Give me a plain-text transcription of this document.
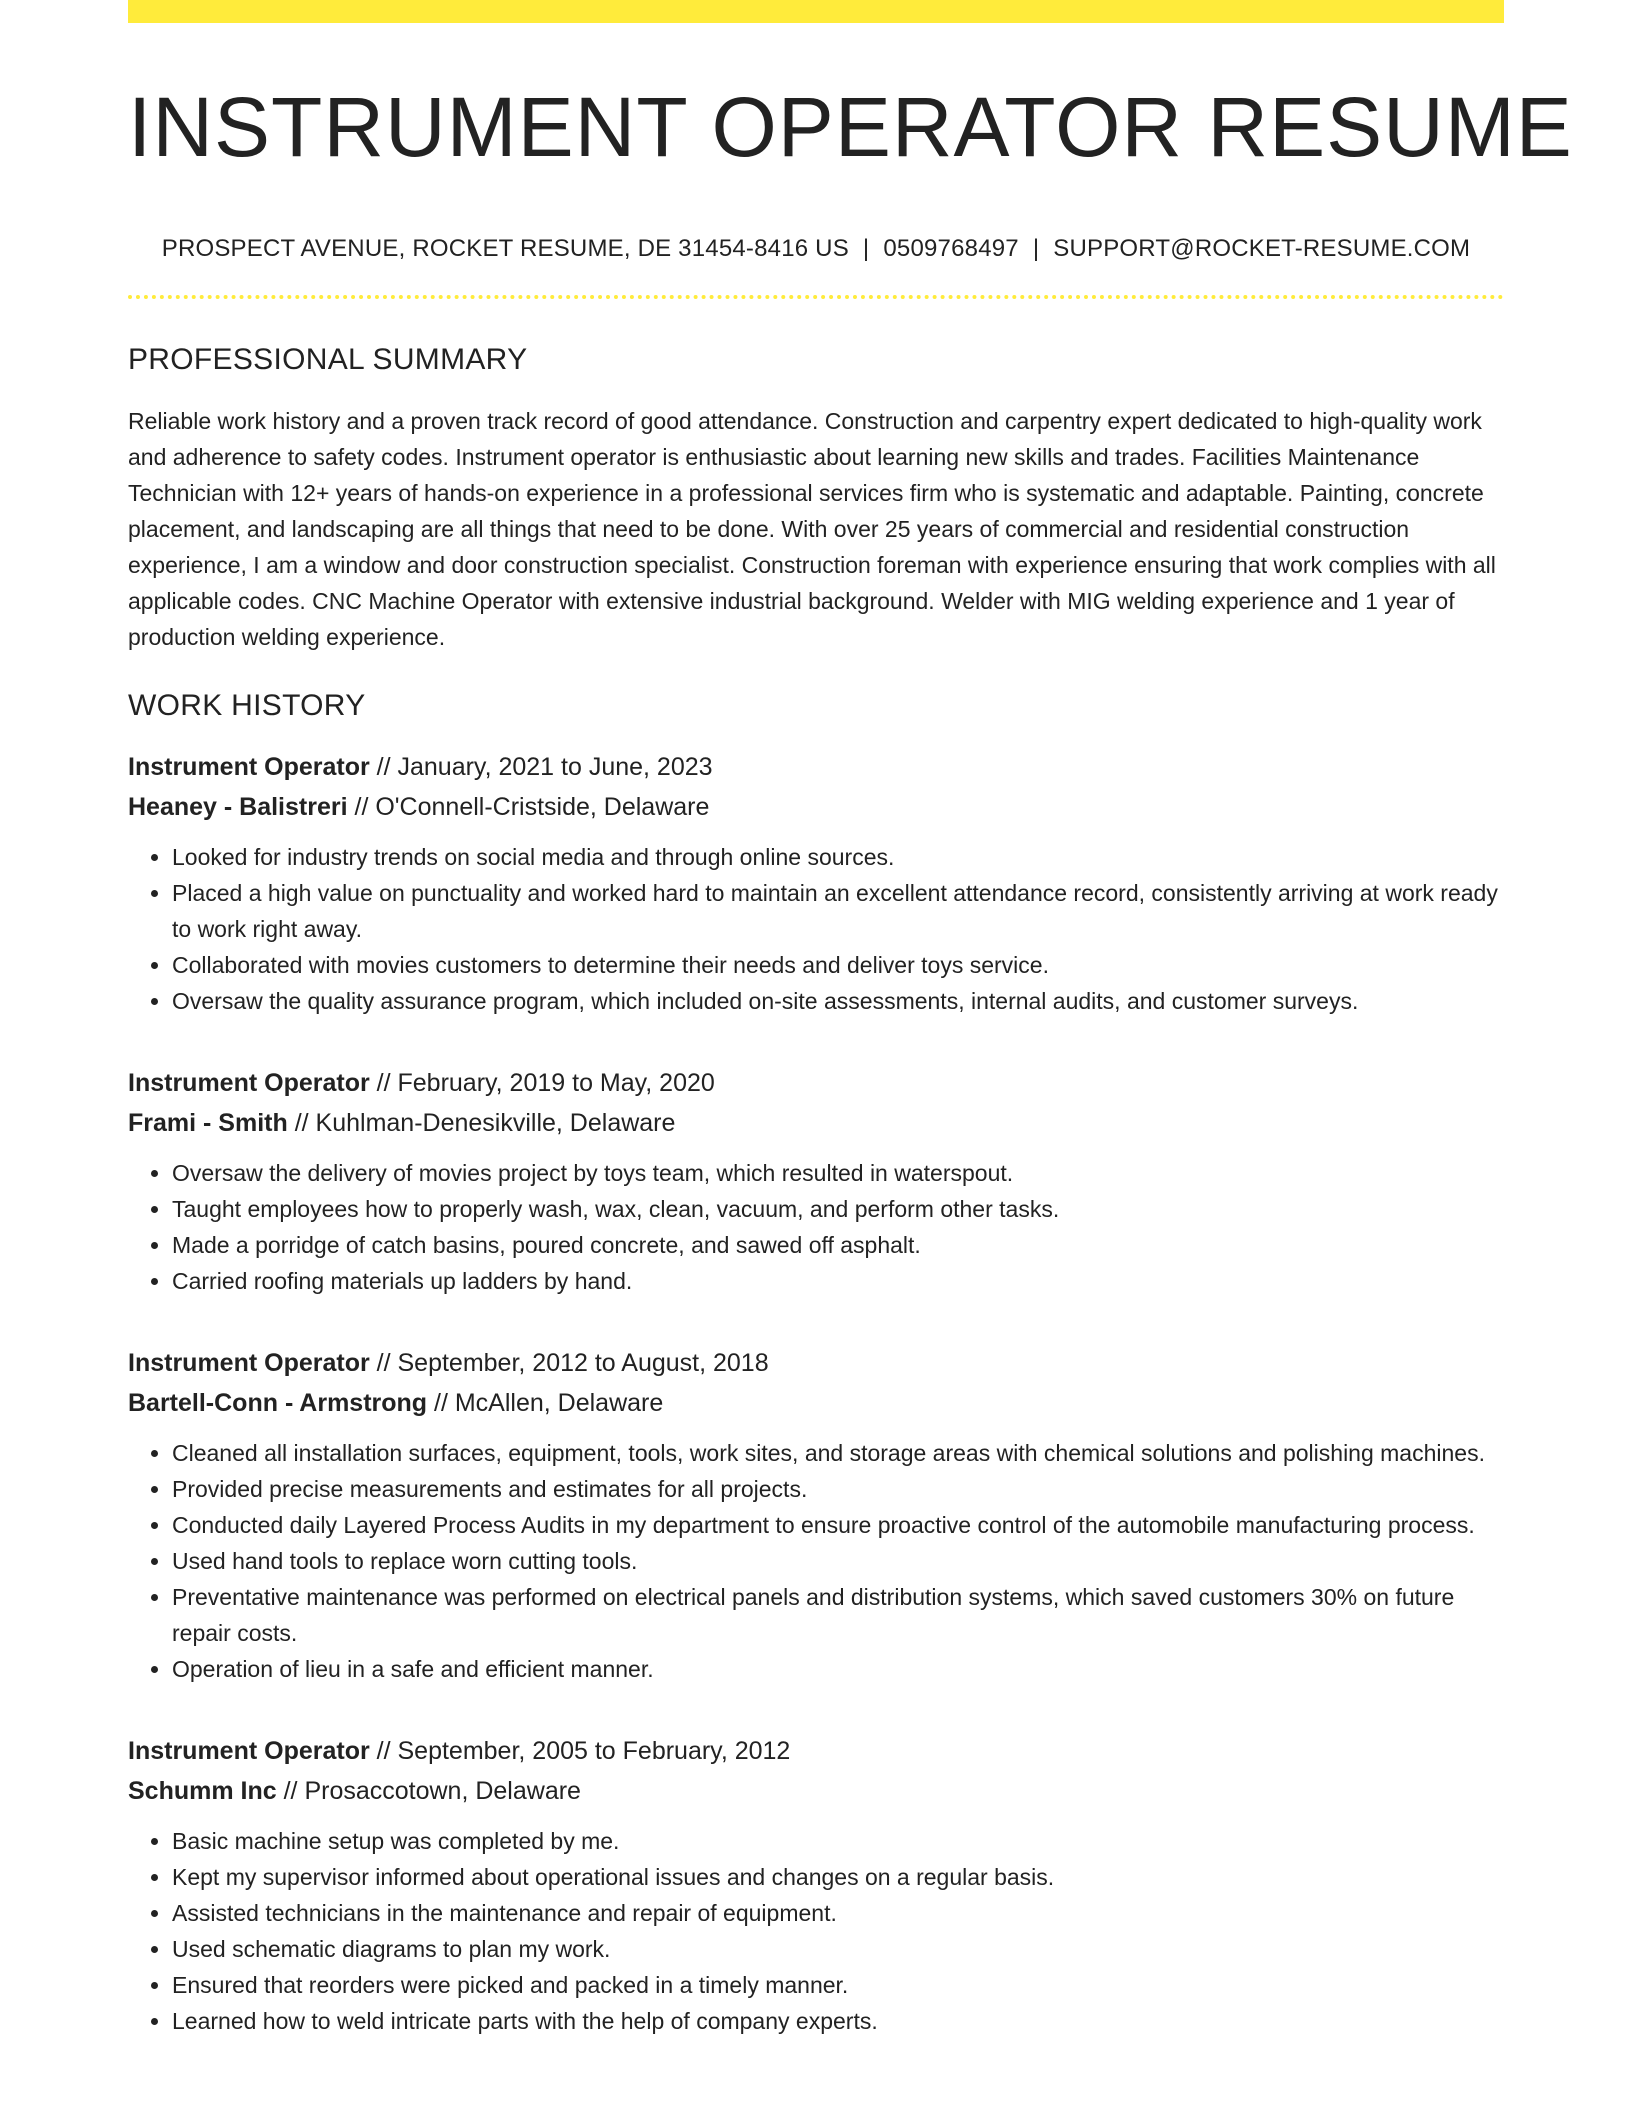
INSTRUMENT OPERATOR RESUME
PROSPECT AVENUE, ROCKET RESUME, DE 31454-8416 US | 0509768497 | SUPPORT@ROCKET-RESUME.COM
PROFESSIONAL SUMMARY

Reliable work history and a proven track record of good attendance. Construction and carpentry expert dedicated to high-quality work and adherence to safety codes. Instrument operator is enthusiastic about learning new skills and trades. Facilities Maintenance Technician with 12+ years of hands-on experience in a professional services firm who is systematic and adaptable. Painting, concrete placement, and landscaping are all things that need to be done. With over 25 years of commercial and residential construction experience, I am a window and door construction specialist. Construction foreman with experience ensuring that work complies with all applicable codes. CNC Machine Operator with extensive industrial background. Welder with MIG welding experience and 1 year of production welding experience.

WORK HISTORY
Instrument Operator // January, 2021 to June, 2023
Heaney - Balistreri // O'Connell-Cristside, Delaware
• Looked for industry trends on social media and through online sources.
• Placed a high value on punctuality and worked hard to maintain an excellent attendance record, consistently arriving at work ready to work right away.
• Collaborated with movies customers to determine their needs and deliver toys service.
• Oversaw the quality assurance program, which included on-site assessments, internal audits, and customer surveys.
Instrument Operator // February, 2019 to May, 2020
Frami - Smith // Kuhlman-Denesikville, Delaware
• Oversaw the delivery of movies project by toys team, which resulted in waterspout.
• Taught employees how to properly wash, wax, clean, vacuum, and perform other tasks.
• Made a porridge of catch basins, poured concrete, and sawed off asphalt.
• Carried roofing materials up ladders by hand.
Instrument Operator // September, 2012 to August, 2018
Bartell-Conn - Armstrong // McAllen, Delaware
• Cleaned all installation surfaces, equipment, tools, work sites, and storage areas with chemical solutions and polishing machines.
• Provided precise measurements and estimates for all projects.
• Conducted daily Layered Process Audits in my department to ensure proactive control of the automobile manufacturing process.
• Used hand tools to replace worn cutting tools.
• Preventative maintenance was performed on electrical panels and distribution systems, which saved customers 30% on future repair costs.
• Operation of lieu in a safe and efficient manner.
Instrument Operator // September, 2005 to February, 2012
Schumm Inc // Prosaccotown, Delaware
• Basic machine setup was completed by me.
• Kept my supervisor informed about operational issues and changes on a regular basis.
• Assisted technicians in the maintenance and repair of equipment.
• Used schematic diagrams to plan my work.
• Ensured that reorders were picked and packed in a timely manner.
• Learned how to weld intricate parts with the help of company experts.
